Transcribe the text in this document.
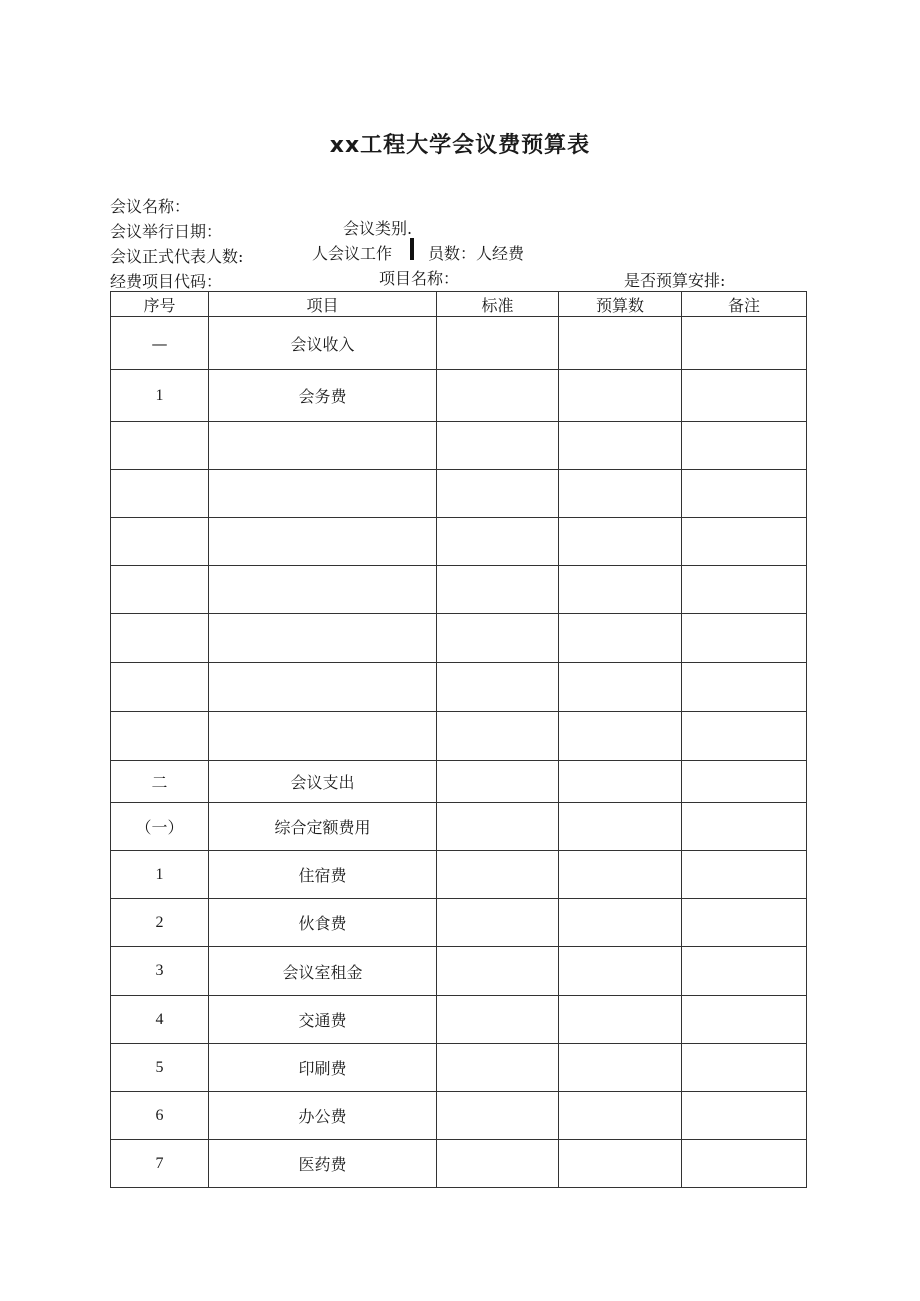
xx工程大学会议费预算表
会议名称：
会议举行日期：	会议类别.
会议正式代表人数:	人会议工作 员数：人经费
经费项目代码：	项目名称：	是否预算安排:
序号	项目	标准	预算数	备注
—	会议收入			
1	会务费			

二	会议支出			
（一）	综合定额费用			
1	住宿费			
2	伙食费			
3	会议室租金			
4	交通费			
5	印刷费			
6	办公费			
7	医药费			
